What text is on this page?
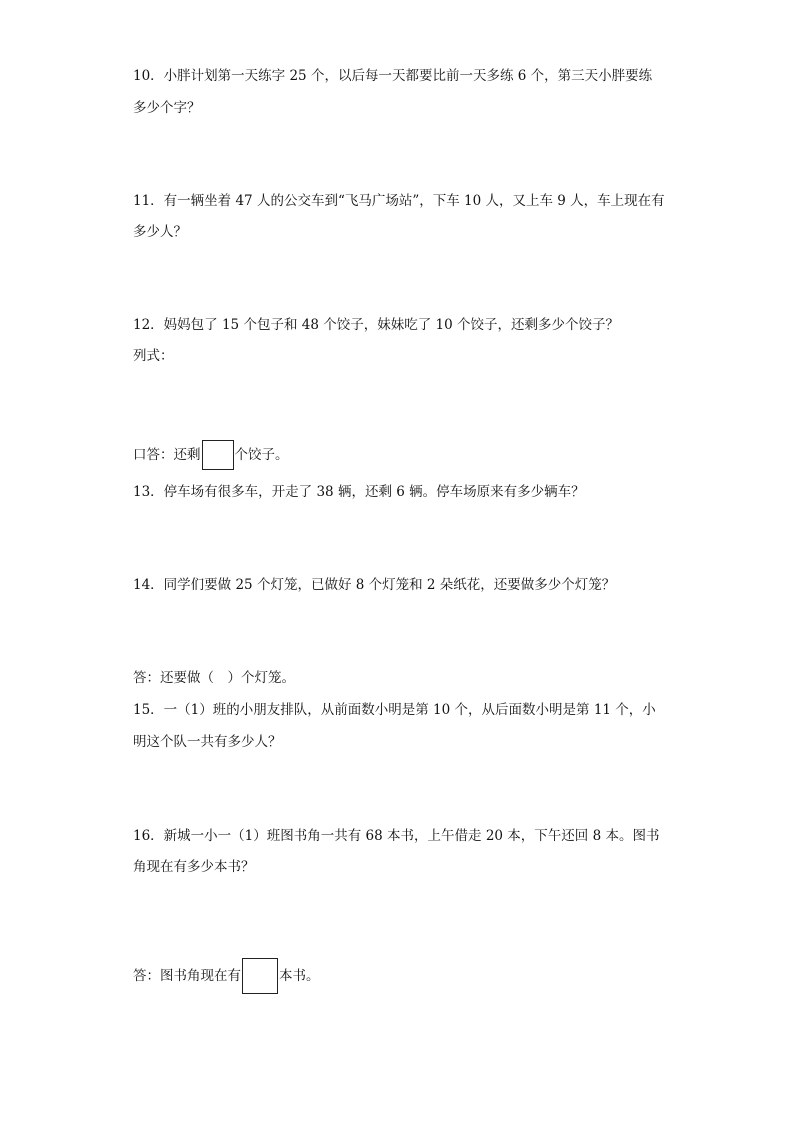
10．小胖计划第一天练字 25 个，以后每一天都要比前一天多练 6 个，第三天小胖要练
多少个字？
11．有一辆坐着 47 人的公交车到“飞马广场站”，下车 10 人，又上车 9 人，车上现在有
多少人？
12．妈妈包了 15 个包子和 48 个饺子，妹妹吃了 10 个饺子，还剩多少个饺子？
列式：
口答：还剩	个饺子。
13．停车场有很多车，开走了 38 辆，还剩 6 辆。停车场原来有多少辆车？
14．同学们要做 25 个灯笼，已做好 8 个灯笼和 2 朵纸花，还要做多少个灯笼？
答：还要做（　）个灯笼。
15．一（1）班的小朋友排队，从前面数小明是第 10 个，从后面数小明是第 11 个，小
明这个队一共有多少人？
16．新城一小一（1）班图书角一共有 68 本书，上午借走 20 本，下午还回 8 本。图书
角现在有多少本书？
答：图书角现在有	本书。
